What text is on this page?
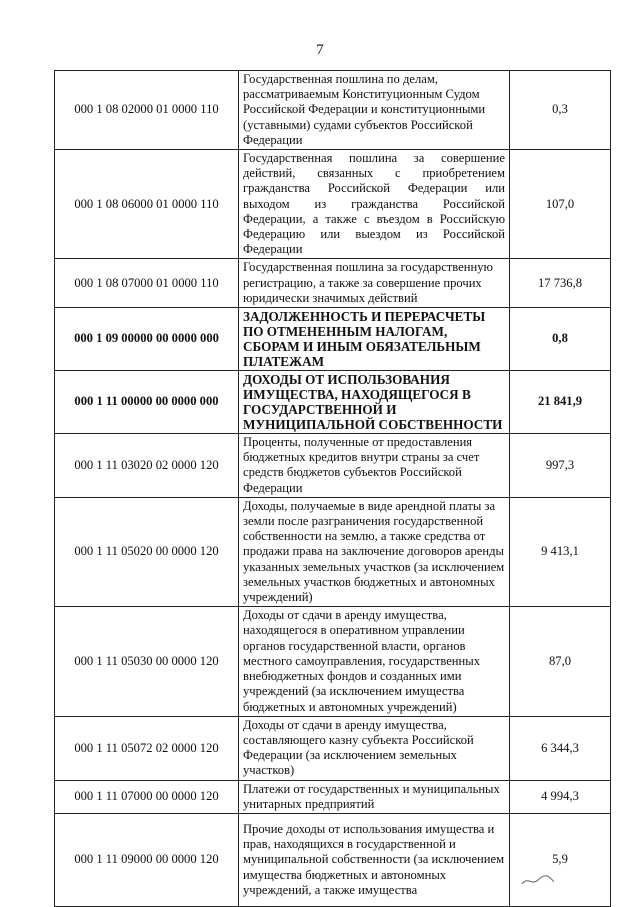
7
000 1 08 02000 01 0000 110	Государственная пошлина по делам, рассматриваемым Конституционным Судом Российской Федерации и конституционными (уставными) судами субъектов Российской Федерации	0,3
000 1 08 06000 01 0000 110	Государственная пошлина за совершение действий, связанных с приобретением гражданства Российской Федерации или выходом из гражданства Российской Федерации, а также с въездом в Российскую Федерацию или выездом из Российской Федерации	107,0
000 1 08 07000 01 0000 110	Государственная пошлина за государственную регистрацию, а также за совершение прочих юридически значимых действий	17 736,8
000 1 09 00000 00 0000 000	ЗАДОЛЖЕННОСТЬ И ПЕРЕРАСЧЕТЫ ПО ОТМЕНЕННЫМ НАЛОГАМ, СБОРАМ И ИНЫМ ОБЯЗАТЕЛЬНЫМ ПЛАТЕЖАМ	0,8
000 1 11 00000 00 0000 000	ДОХОДЫ ОТ ИСПОЛЬЗОВАНИЯ ИМУЩЕСТВА, НАХОДЯЩЕГОСЯ В ГОСУДАРСТВЕННОЙ И МУНИЦИПАЛЬНОЙ СОБСТВЕННОСТИ	21 841,9
000 1 11 03020 02 0000 120	Проценты, полученные от предоставления бюджетных кредитов внутри страны за счет средств бюджетов субъектов Российской Федерации	997,3
000 1 11 05020 00 0000 120	Доходы, получаемые в виде арендной платы за земли после разграничения государственной собственности на землю, а также средства от продажи права на заключение договоров аренды указанных земельных участков (за исключением земельных участков бюджетных и автономных учреждений)	9 413,1
000 1 11 05030 00 0000 120	Доходы от сдачи в аренду имущества, находящегося в оперативном управлении органов государственной власти, органов местного самоуправления, государственных внебюджетных фондов и созданных ими учреждений (за исключением имущества бюджетных и автономных учреждений)	87,0
000 1 11 05072 02 0000 120	Доходы от сдачи в аренду имущества, составляющего казну субъекта Российской Федерации (за исключением земельных участков)	6 344,3
000 1 11 07000 00 0000 120	Платежи от государственных и муниципальных унитарных предприятий	4 994,3
000 1 11 09000 00 0000 120	Прочие доходы от использования имущества и прав, находящихся в государственной и муниципальной собственности (за исключением имущества бюджетных и автономных учреждений, а также имущества	5,9
